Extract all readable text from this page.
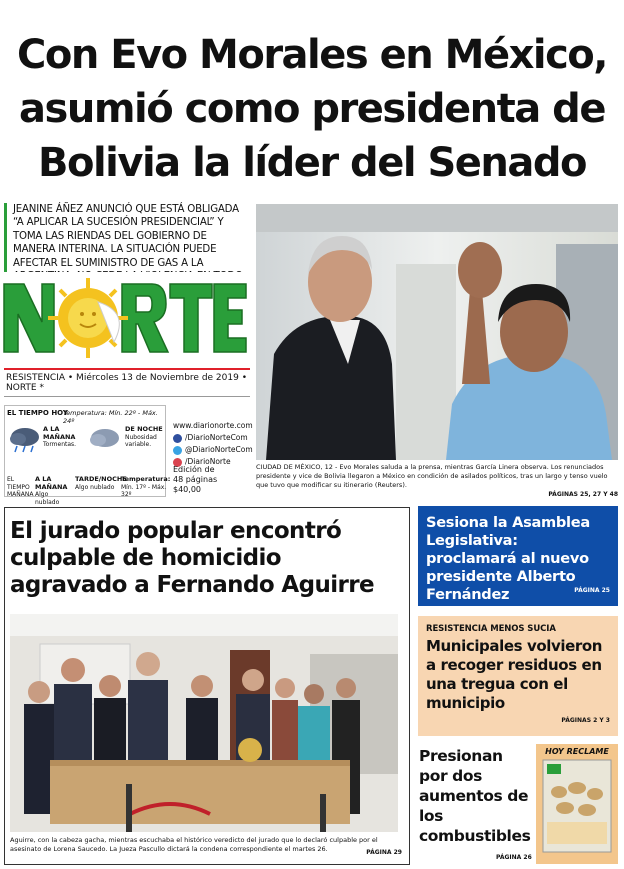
Con Evo Morales en México,
asumió como presidenta de
Bolivia la líder del Senado
JEANINE ÁÑEZ ANUNCIÓ QUE ESTÁ OBLIGADA “A APLICAR LA SUCESIÓN PRESIDENCIAL” Y TOMA LAS RIENDAS DEL GOBIERNO DE MANERA INTERINA. LA SITUACIÓN PUEDE AFECTAR EL SUMINISTRO DE GAS A LA
RESISTENCIA • Miércoles 13 de Noviembre de 2019 • NORTE *
EL TIEMPO HOY
Temperatura: Mín. 22º - Máx. 24º
A LA MAÑANA
Tormentas.
DE NOCHE
Nubosidad variable.
EL TIEMPO MAÑANA
A LA MAÑANA
Algo nublado
TARDE/NOCHE
Algo nublado
Temperatura:
Mín. 17º - Máx. 32º
www.diarionorte.com
/DiarioNorteCom
@DiarioNorteCom
/DiarioNorte
Edición de
48 páginas
$40,00
CIUDAD DE MÉXICO, 12 - Evo Morales saluda a la prensa, mientras García Linera observa. Los renunciados presidente y vice de Bolivia llegaron a México en condición de asilados políticos, tras un largo y tenso vuelo que tuvo que modificar su itinerario (Reuters).
PÁGINAS 25, 27 Y 48
El jurado popular encontró culpable de homicidio agravado a Fernando Aguirre
Aguirre, con la cabeza gacha, mientras escuchaba el histórico veredicto del jurado que lo declaró culpable por el asesinato de Lorena Saucedo. La Jueza Pascullo dictará la condena correspondiente el martes 26.	PÁGINA 29
Sesiona la Asamblea Legislativa: proclamará al nuevo presidente Alberto Fernández	PÁGINA 25
RESISTENCIA MENOS SUCIA
Municipales volvieron a recoger residuos en una tregua con el municipio
PÁGINAS 2 Y 3
Presionan por dos aumentos de los combustibles
PÁGINA 26
HOY RECLAME
